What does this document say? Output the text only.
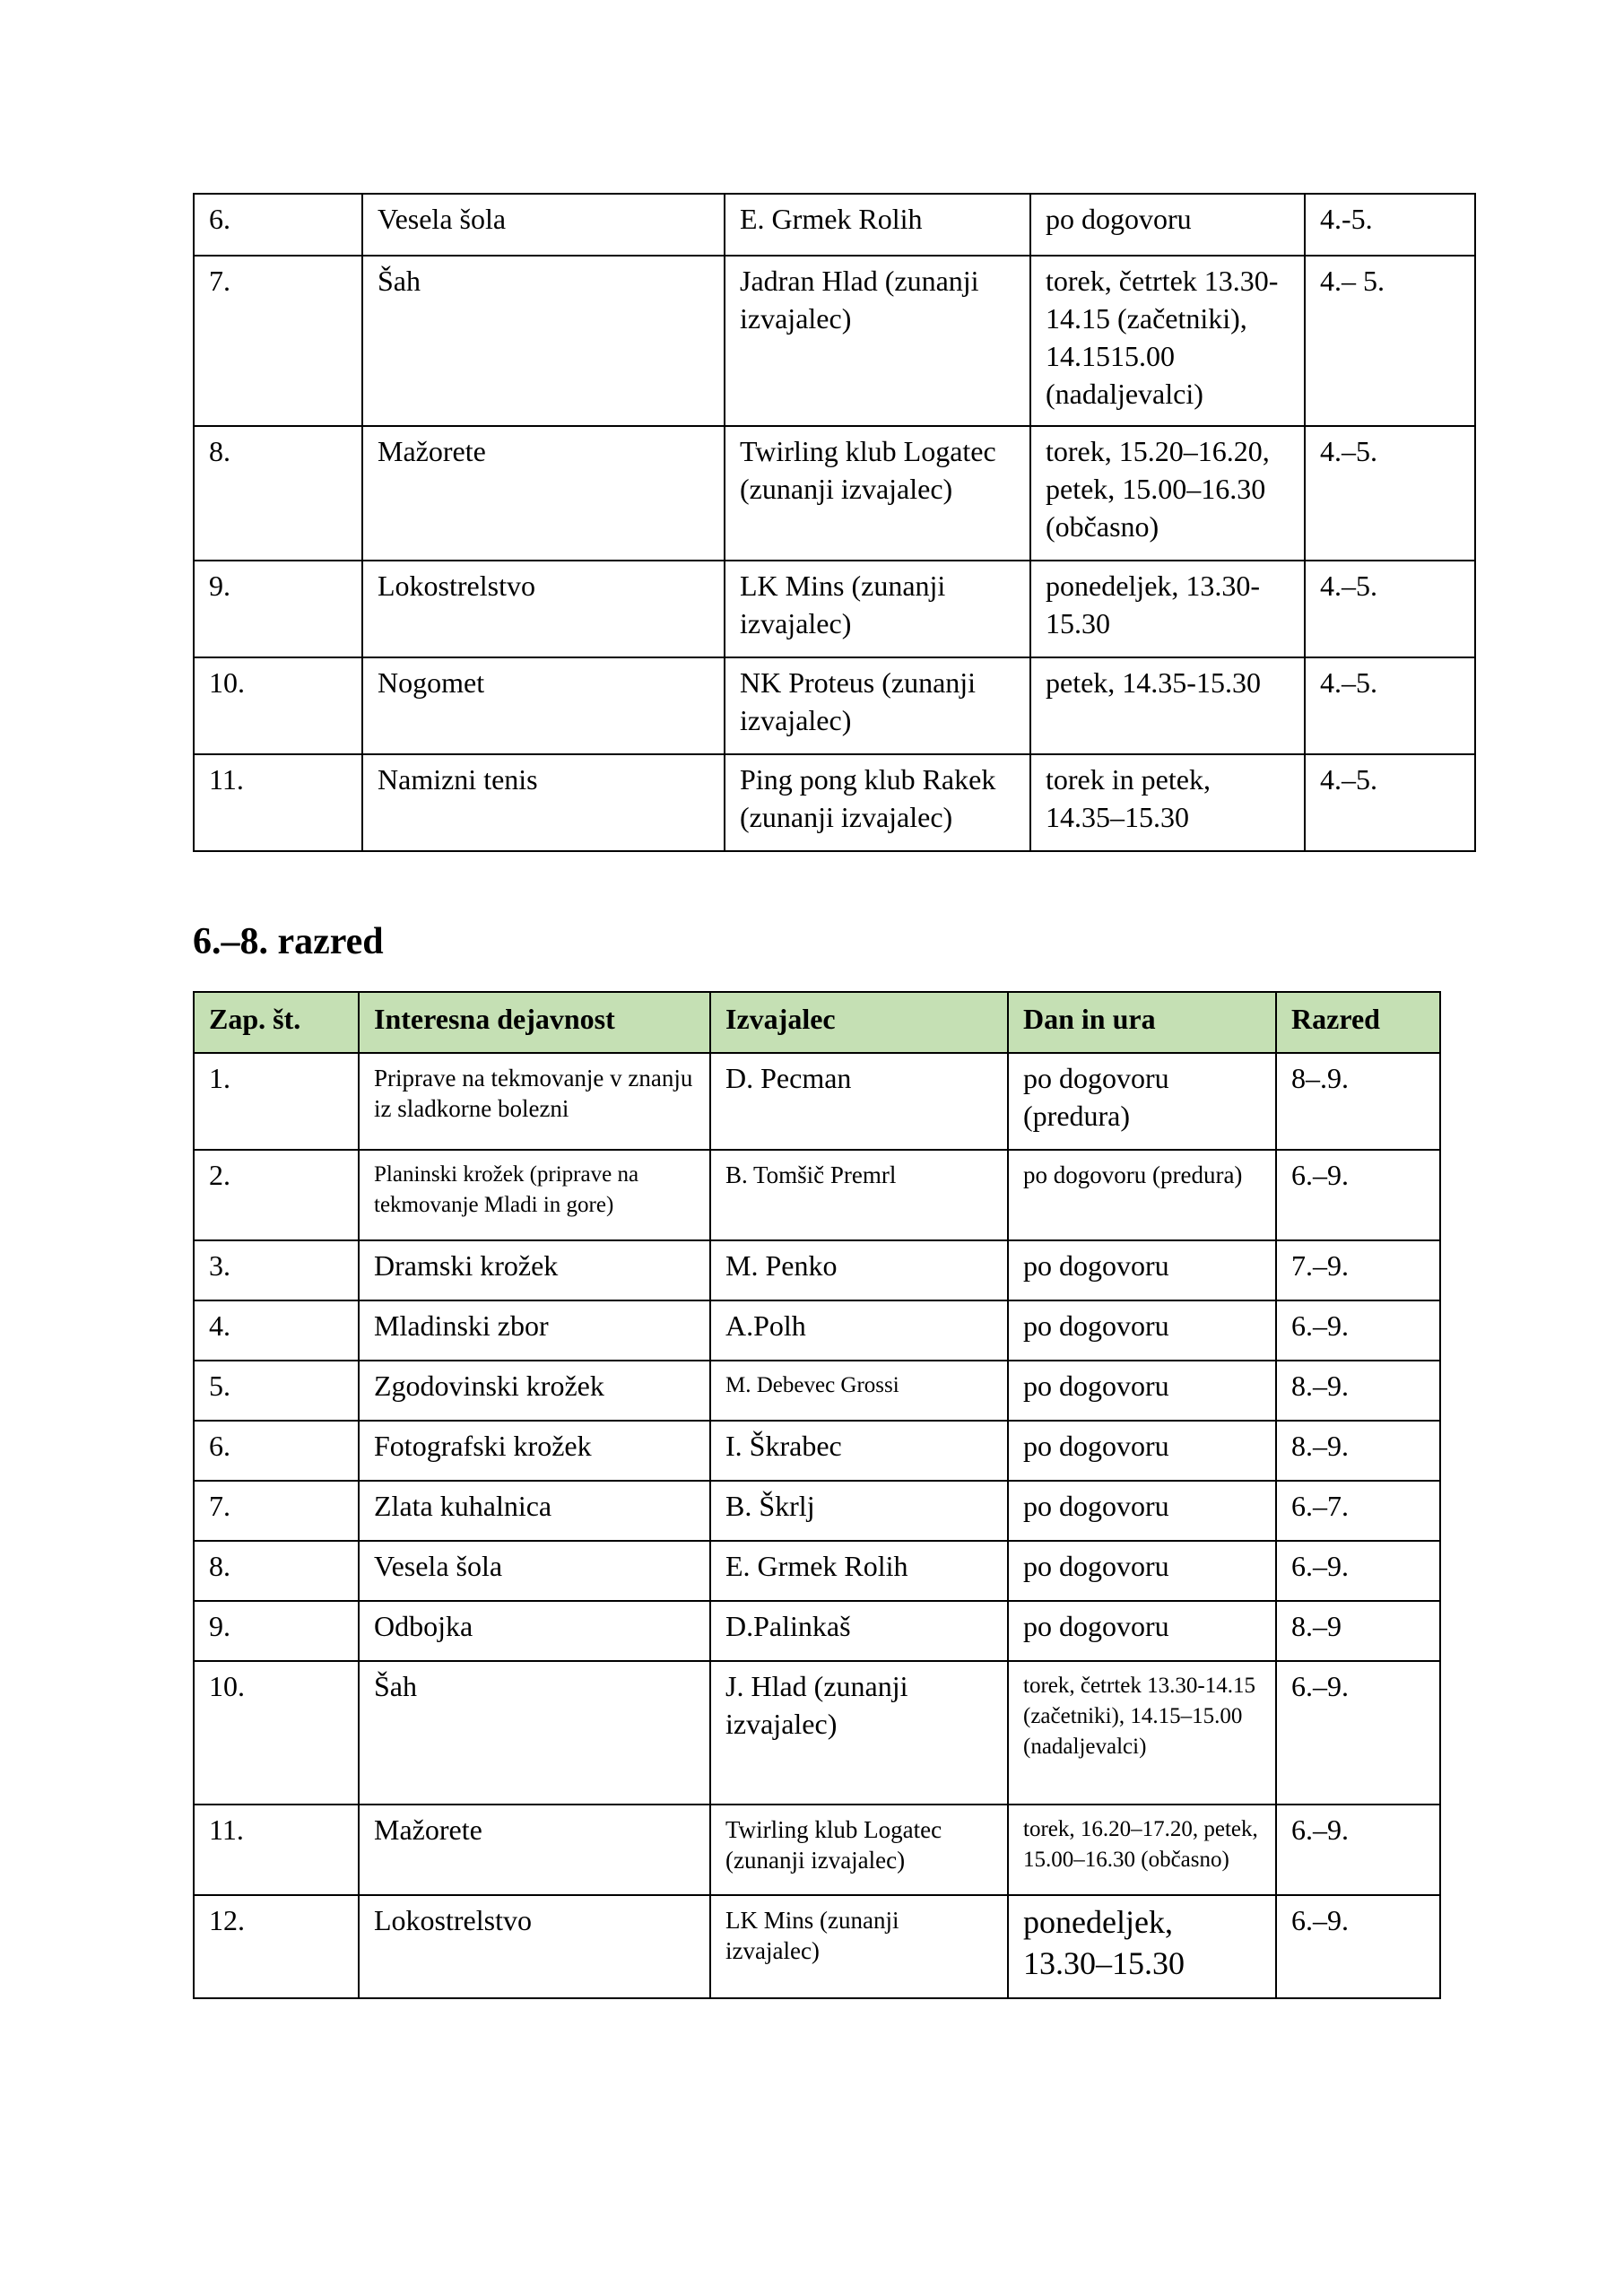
6.	Vesela šola	E. Grmek Rolih	po dogovoru	4.-5.
7.	Šah	Jadran Hlad (zunanji izvajalec)	torek, četrtek 13.30-14.15 (začetniki), 14.1515.00 (nadaljevalci)	4.– 5.
8.	Mažorete	Twirling klub Logatec (zunanji izvajalec)	torek, 15.20–16.20, petek, 15.00–16.30 (občasno)	4.–5.
9.	Lokostrelstvo	LK Mins (zunanji izvajalec)	ponedeljek, 13.30-15.30	4.–5.
10.	Nogomet	NK Proteus (zunanji izvajalec)	petek, 14.35-15.30	4.–5.
11.	Namizni tenis	Ping pong klub Rakek (zunanji izvajalec)	torek in petek, 14.35–15.30	4.–5.
6.–8. razred
Zap. št.	Interesna dejavnost	Izvajalec	Dan in ura	Razred
1.	Priprave na tekmovanje v znanju iz sladkorne bolezni	D. Pecman	po dogovoru (predura)	8–.9.
2.	Planinski krožek (priprave na tekmovanje Mladi in gore)	B. Tomšič Premrl	po dogovoru (predura)	6.–9.
3.	Dramski krožek	M. Penko	po dogovoru	7.–9.
4.	Mladinski zbor	A.Polh	po dogovoru	6.–9.
5.	Zgodovinski krožek	M. Debevec Grossi	po dogovoru	8.–9.
6.	Fotografski krožek	I. Škrabec	po dogovoru	8.–9.
7.	Zlata kuhalnica	B. Škrlj	po dogovoru	6.–7.
8.	Vesela šola	E. Grmek Rolih	po dogovoru	6.–9.
9.	Odbojka	D.Palinkaš	po dogovoru	8.–9
10.	Šah	J. Hlad (zunanji izvajalec)	torek, četrtek 13.30-14.15 (začetniki), 14.15–15.00 (nadaljevalci)	6.–9.
11.	Mažorete	Twirling klub Logatec (zunanji izvajalec)	torek, 16.20–17.20, petek, 15.00–16.30 (občasno)	6.–9.
12.	Lokostrelstvo	LK Mins (zunanji izvajalec)	ponedeljek, 13.30–15.30	6.–9.
